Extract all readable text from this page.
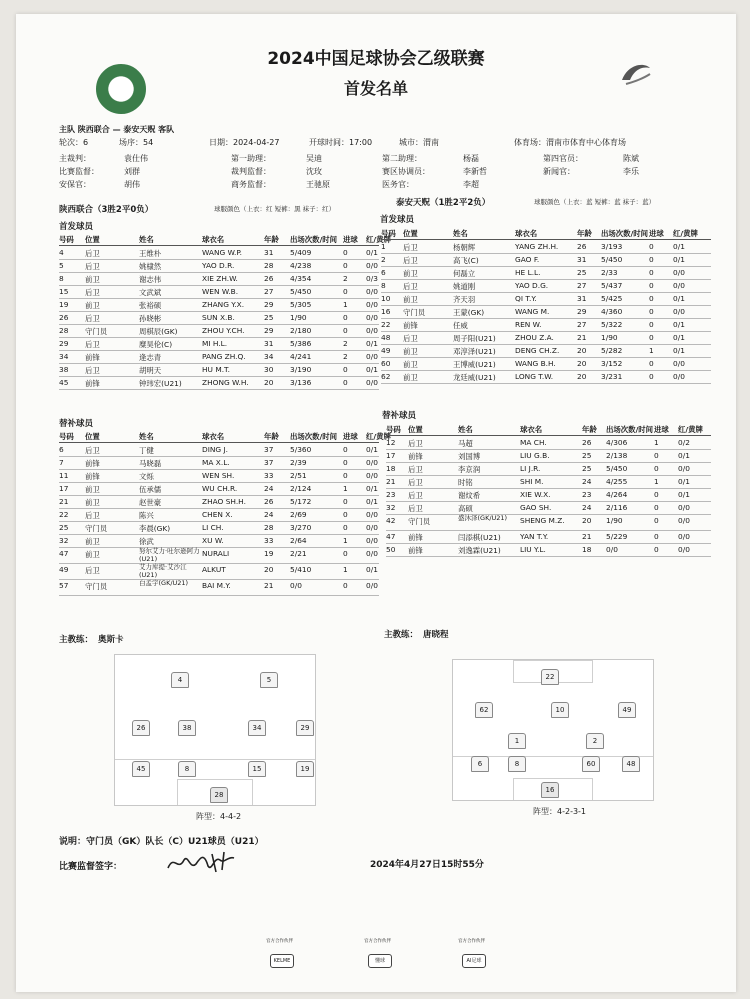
CFA
2024中国足球协会乙级联赛
首发名单
主队 陕西联合 — 泰安天贶 客队
轮次：6	场序：54	日期：2024-04-27	开球时间：17:00	城市：渭南	体育场：渭南市体育中心体育场
主裁判：	袁仕伟	第一助理：	吴迪	第二助理：	杨磊	第四官员：	陈斌
比赛监督：	刘群	裁判监督：	沈玫	赛区协调员：	李新哲	新闻官：	李乐
安保官：	胡伟	商务监督：	王驰原	医务官：	李超
陕西联合（3胜2平0负）	球服颜色（上衣：红 短裤：黑 袜子：红）
泰安天贶（1胜2平2负）	球服颜色（上衣：蓝 短裤：蓝 袜子：蓝）
首发球员
首发球员
替补球员
替补球员
号码 位置	姓名	球衣名	年龄 出场次数/时间 进球 红/黄牌
4	后卫	王维朴	WANG W.P.	31 5/409	0 0/1
5	后卫	姚棣然	YAO D.R.	28 4/238	0 0/0
8	前卫	谢志伟	XIE ZH.W.	26 4/354	2 0/3
15 后卫	文武斌	WEN W.B.	27 5/450	0 0/0
19 前卫	张裕硕	ZHANG Y.X.	29 5/305	1 0/0
26 后卫	孙晓彬	SUN X.B.	25 1/90	0 0/0
28 守门员	周棋辰(GK)	ZHOU Y.CH.	29 2/180	0 0/0
29 后卫	糜昊伦(C)	MI H.L.	31 5/386	2 0/1
34 前锋	逄志青	PANG ZH.Q. 34 4/241	2 0/0
38 后卫	胡明天	HU M.T.	30 3/190	0 0/1
45 前锋	钟玮宏(U21)	ZHONG W.H. 20 3/136	0 0/0
号码 位置	姓名	球衣名	年龄 出场次数/时间 进球 红/黄牌
1 后卫	杨朝辉	YANG ZH.H.	26 3/193	0	0/1
2 后卫	高飞(C)	GAO F.	31 5/450	0	0/1
6 前卫	何磊立	HE L.L.	25 2/33	0	0/0
8 后卫	姚道刚	YAO D.G.	27 5/437	0	0/0
10 前卫	齐天羽	QI T.Y.	31 5/425	0	0/1
16 守门员	王蒙(GK)	WANG M.	29 4/360	0	0/0
22 前锋	任威	REN W.	27 5/322	0	0/1
48 后卫	周子阳(U21)	ZHOU Z.A.	21 1/90	0	0/1
49 前卫	邓淳泽(U21)	DENG CH.Z. 20 5/282	1	0/1
60 前卫	王博威(U21)	WANG B.H.	20 3/152	0	0/0
62 前卫	龙廷威(U21)	LONG T.W.	20 3/231	0	0/0
号码 位置	姓名	球衣名	年龄 出场次数/时间 进球 红/黄牌
6	后卫	丁健	DING J.	37 5/360	0 0/1
7	前锋	马晓磊	MA X.L.	37 2/39	0 0/0
11 前锋	文烁	WEN SH.	33 2/51	0 0/0
17 前卫	伍承儒	WU CH.R.	24 2/124	1 0/1
21 前卫	赵世豪	ZHAO SH.H. 26 5/172	0 0/1
22 后卫	陈兴	CHEN X.	24 2/69	0 0/0
25 守门员	李晨(GK)	LI CH.	28 3/270	0 0/0
32 前卫	徐武	XU W.	33 2/64	1 0/0
47 前卫	努尔艾力·吐尔逊阿力(U21)
NURALI	19 2/21	0 0/0
49 后卫	艾力库提·艾沙江(U21)
ALKUT	20 5/410	1 0/1
57 守门员	白孟宇(GK/U21)	BAI M.Y.	21 0/0	0 0/0
号码 位置	姓名	球衣名	年龄 出场次数/时间 进球 红/黄牌
12 后卫	马超	MA CH.	26 4/306	1	0/2
17 前锋	刘国博	LIU G.B.	25 2/138	0	0/1
18 后卫	李京润	LI J.R.	25 5/450	0	0/0
21 后卫	时铭	SHI M.	24 4/255	1	0/1
23 后卫	谢炆希	XIE W.X.	23 4/264	0	0/1
32 后卫	高硕	GAO SH.	24 2/116	0	0/0
42 守门员	盛沐泽(GK/U21)	SHENG M.Z. 20 1/90	0	0/0
47 前锋	闫添棋(U21)	YAN T.Y.	21 5/229	0	0/0
50 前锋	刘逸霖(U21)	LIU Y.L.	18 0/0	0	0/0
主教练： 奥斯卡	主教练： 唐晓程
4	5
26	38	34	29
45	8	15	19
28
阵型：4-4-2
22
62	10	49
1	2
6	8	60	48
16
阵型：4-2-3-1
说明：守门员（GK）队长（C）U21球员（U21）
比赛监督签字：	2024年4月27日15时55分
官方合作伙伴
KELME
官方合作伙伴
懂球
官方合作伙伴
AI足球
